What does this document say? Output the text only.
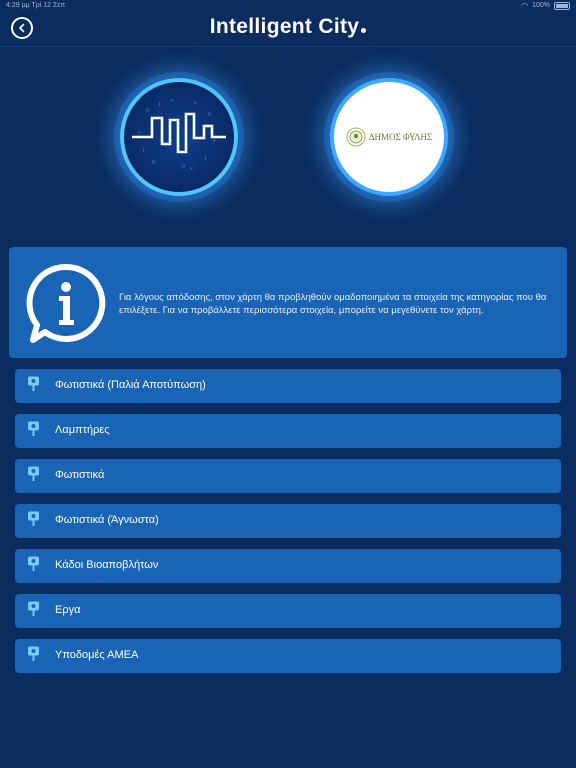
4:29 μμ Τρί 12 Σεπ	◠ 100%
Intelligent City
0
1	x
0
1
0
1
x
+
0
+
x	ΔΗΜΟΣ ΦΥΛΗΣ
Για λόγους απόδοσης, στον χάρτη θα προβληθούν ομαδοποιημένα τα στοιχεία της κατηγορίας που θα επιλέξετε. Για να προβάλλετε περισσότερα στοιχεία, μπορείτε να μεγεθύνετε τον χάρτη.
Φωτιστικά (Παλιά Αποτύπωση)
Λαμπτήρες
Φωτιστικά
Φωτιστικά (Άγνωστα)
Κάδοι Βιοαποβλήτων
Εργα
Υποδομές ΑΜΕΑ
